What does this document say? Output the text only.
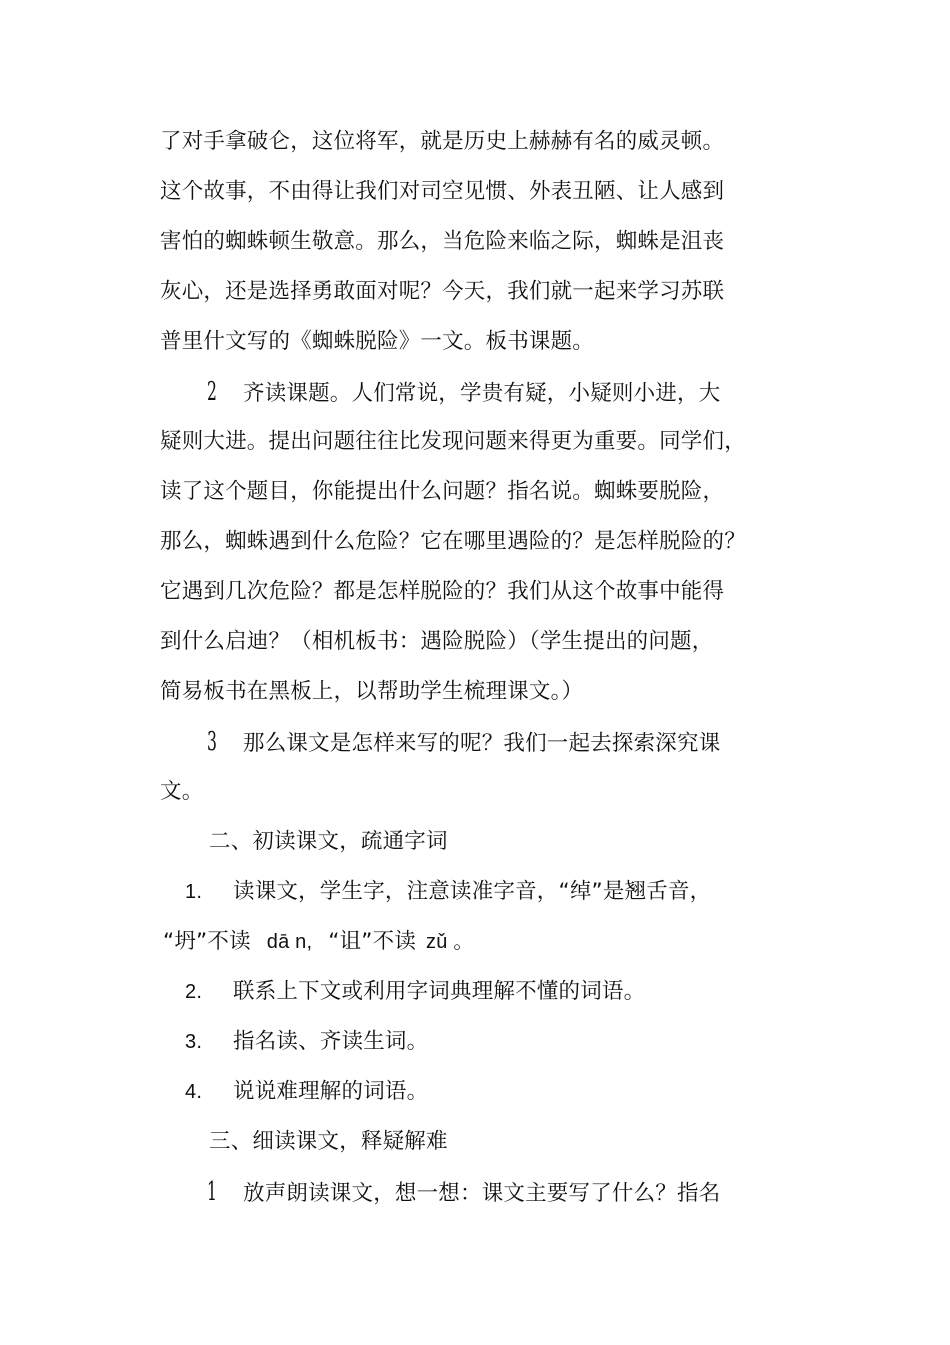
了对手拿破仑，这位将军，就是历史上赫赫有名的威灵顿。
这个故事，不由得让我们对司空见惯、外表丑陋、让人感到
害怕的蜘蛛顿生敬意。那么，当危险来临之际，蜘蛛是沮丧
灰心，还是选择勇敢面对呢？今天，我们就一起来学习苏联
普里什文写的《蜘蛛脱险》一文。板书课题。
2 齐读课题。人们常说，学贵有疑，小疑则小进，大
疑则大进。提出问题往往比发现问题来得更为重要。同学们，
读了这个题目，你能提出什么问题？指名说。蜘蛛要脱险，
那么，蜘蛛遇到什么危险？它在哪里遇险的？是怎样脱险的？
它遇到几次危险？都是怎样脱险的？我们从这个故事中能得
到什么启迪？（相机板书：遇险脱险）（学生提出的问题，
简易板书在黑板上，以帮助学生梳理课文。）
3 那么课文是怎样来写的呢？我们一起去探索深究课
文。
二、初读课文，疏通字词
1. 读课文，学生字，注意读准字音，“绰”是翘舌音，
“坍”不读 dā n, “诅”不读 zǔ 。
2. 联系上下文或利用字词典理解不懂的词语。
3. 指名读、齐读生词。
4. 说说难理解的词语。
三、细读课文，释疑解难
1 放声朗读课文，想一想：课文主要写了什么？指名
